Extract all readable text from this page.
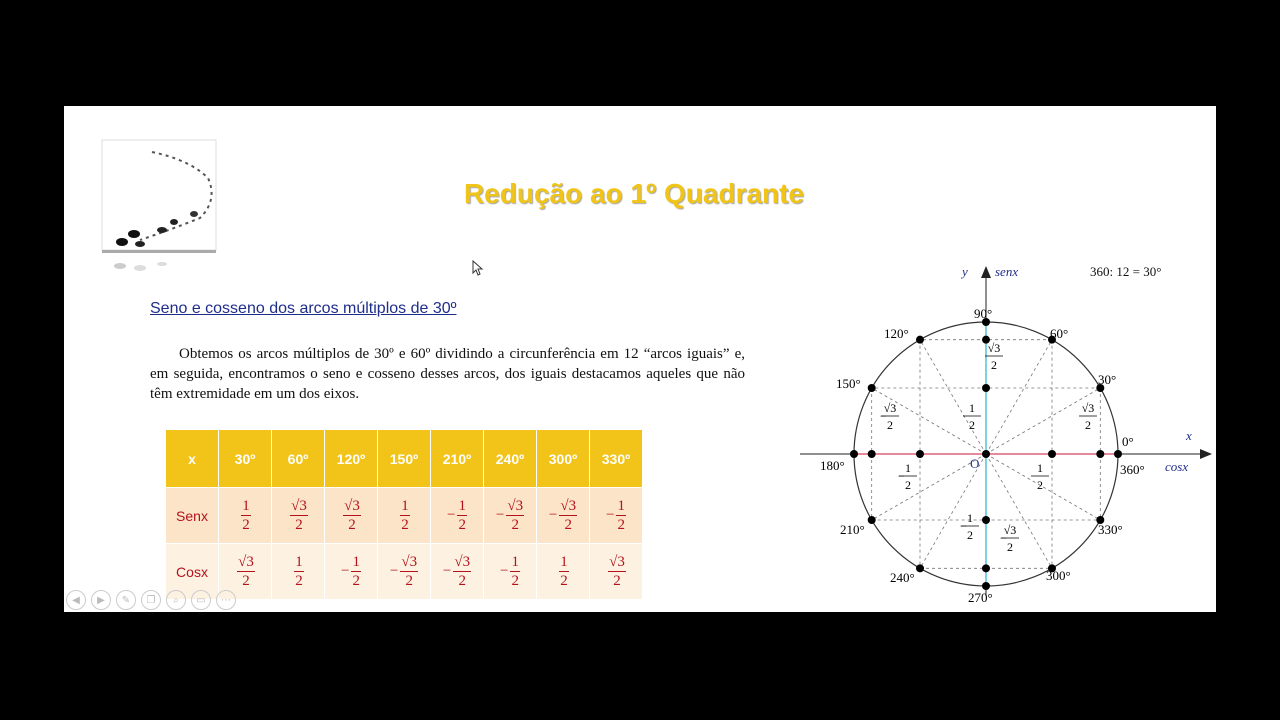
Redução ao 1º Quadrante
Seno e cosseno dos arcos múltiplos de 30º
Obtemos os arcos múltiplos de 30º e 60º dividindo a circunferência em 12 “arcos iguais” e, em seguida, encontramos o seno e cosseno desses arcos, dos iguais destacamos aqueles que não têm extremidade em um dos eixos.
x	30º	60º	120º	150º	210º	240º	300º	330º
Senx	$\frac{1}{2}$	$\frac{√3}{2}$	$\frac{√3}{2}$	$\frac{1}{2}$	− $\frac{1}{2}$	− $\frac{√3}{2}$	− $\frac{√3}{2}$	− $\frac{1}{2}$

Cosx	$\frac{√3}{2}$	$\frac{1}{2}$	− $\frac{1}{2}$	− $\frac{√3}{2}$	− $\frac{√3}{2}$	− $\frac{1}{2}$	$\frac{1}{2}$	$\frac{√3}{2}$
◀	▶	✎	❐	⌕	▭	⋯
y senx
x
cosx
O
360: 12 = 30°
90°
60°
120°
30°
150°
0°
360°
180°
210°	330°
240°	300°
270°
√3
2
1
2
−
√3
2
√3
2
−
1
2
1
2
−
1
2 −
√3
2
